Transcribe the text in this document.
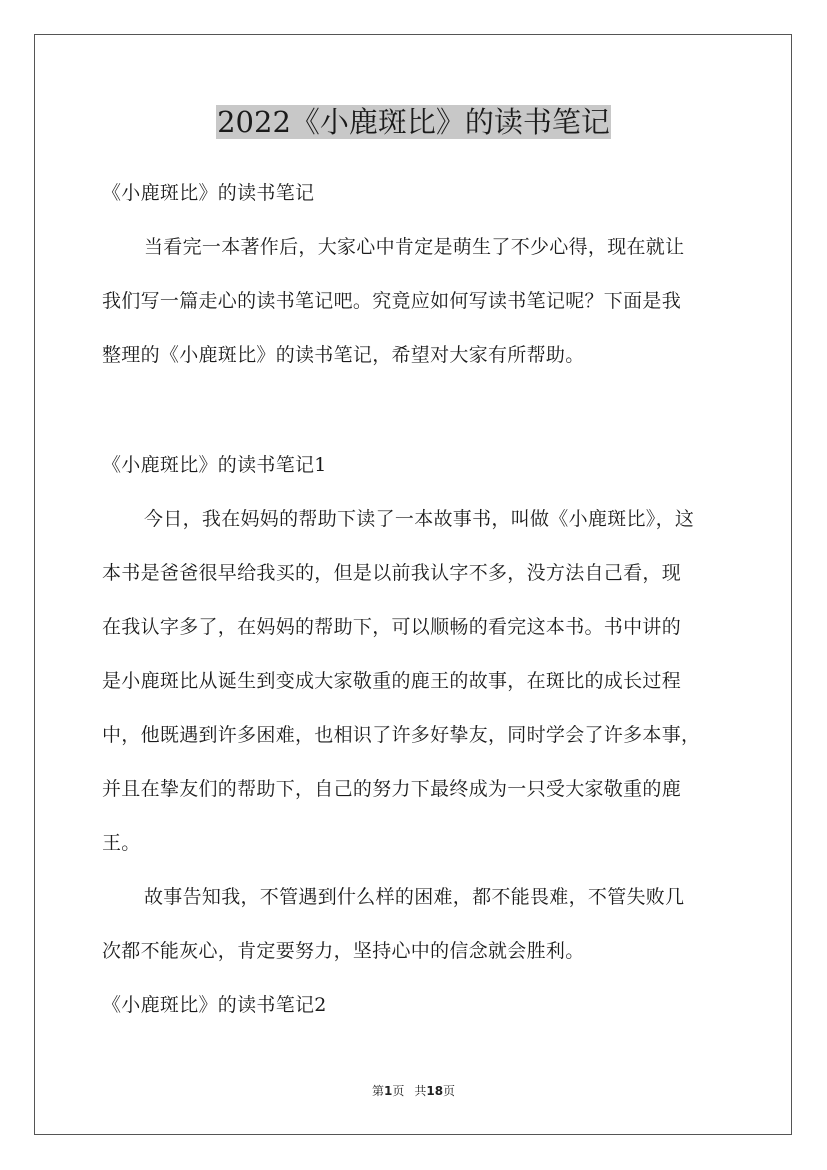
2022《小鹿斑比》的读书笔记

《小鹿斑比》的读书笔记

当看完一本著作后，大家心中肯定是萌生了不少心得，现在就让

我们写一篇走心的读书笔记吧。究竟应如何写读书笔记呢？下面是我

整理的《小鹿斑比》的读书笔记，希望对大家有所帮助。

《小鹿斑比》的读书笔记1

今日，我在妈妈的帮助下读了一本故事书，叫做《小鹿斑比》，这

本书是爸爸很早给我买的，但是以前我认字不多，没方法自己看，现

在我认字多了，在妈妈的帮助下，可以顺畅的看完这本书。书中讲的

是小鹿斑比从诞生到变成大家敬重的鹿王的故事，在斑比的成长过程

中，他既遇到许多困难，也相识了许多好挚友，同时学会了许多本事，

并且在挚友们的帮助下，自己的努力下最终成为一只受大家敬重的鹿

王。

故事告知我，不管遇到什么样的困难，都不能畏难，不管失败几

次都不能灰心，肯定要努力，坚持心中的信念就会胜利。

《小鹿斑比》的读书笔记2

第1页 共18页
